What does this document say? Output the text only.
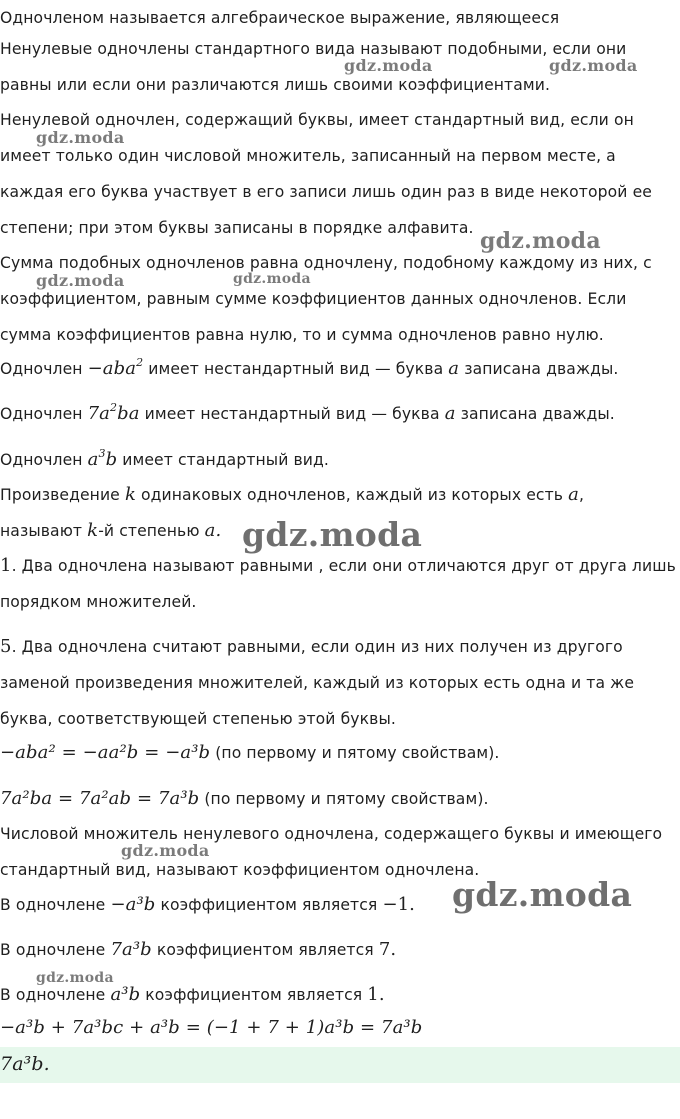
Одночленом называется алгебраическое выражение, являющееся
Ненулевые одночлены стандартного вида называют подобными, если они
равны или если они различаются лишь своими коэффициентами.
Ненулевой одночлен, содержащий буквы, имеет стандартный вид, если он
имеет только один числовой множитель, записанный на первом месте, а
каждая его буква участвует в его записи лишь один раз в виде некоторой ее
степени; при этом буквы записаны в порядке алфавита.
Сумма подобных одночленов равна одночлену, подобному каждому из них, с
коэффициентом, равным сумме коэффициентов данных одночленов. Если
сумма коэффициентов равна нулю, то и сумма одночленов равно нулю.
Одночлен −aba$^2$ имеет нестандартный вид — буква a записана дважды.
Одночлен $7a^2ba$ имеет нестандартный вид — буква a записана дважды.
Одночлен $a^3b$ имеет стандартный вид.
Произведение k одинаковых одночленов, каждый из которых есть a,
называют k-й степенью a.
1. Два одночлена называют равными , если они отличаются друг от друга лишь
порядком множителей.
5. Два одночлена считают равными, если один из них получен из другого
заменой произведения множителей, каждый из которых есть одна и та же
буква, соответствующей степенью этой буквы.
−aba² = −aa²b = −a³b (по первому и пятому свойствам).
7a²ba = 7a²ab = 7a³b (по первому и пятому свойствам).
Числовой множитель ненулевого одночлена, содержащего буквы и имеющего
стандартный вид, называют коэффициентом одночлена.
В одночлене −a³b коэффициентом является −1.
В одночлене 7a³b коэффициентом является 7.
В одночлене a³b коэффициентом является 1.
−a³b + 7a³bc + a³b = (−1 + 7 + 1)a³b = 7a³b
7a³b.
gdz.moda	gdz.moda
gdz.moda
gdz.moda
gdz.moda	gdz.moda
gdz.moda
gdz.moda
gdz.moda
gdz.moda
